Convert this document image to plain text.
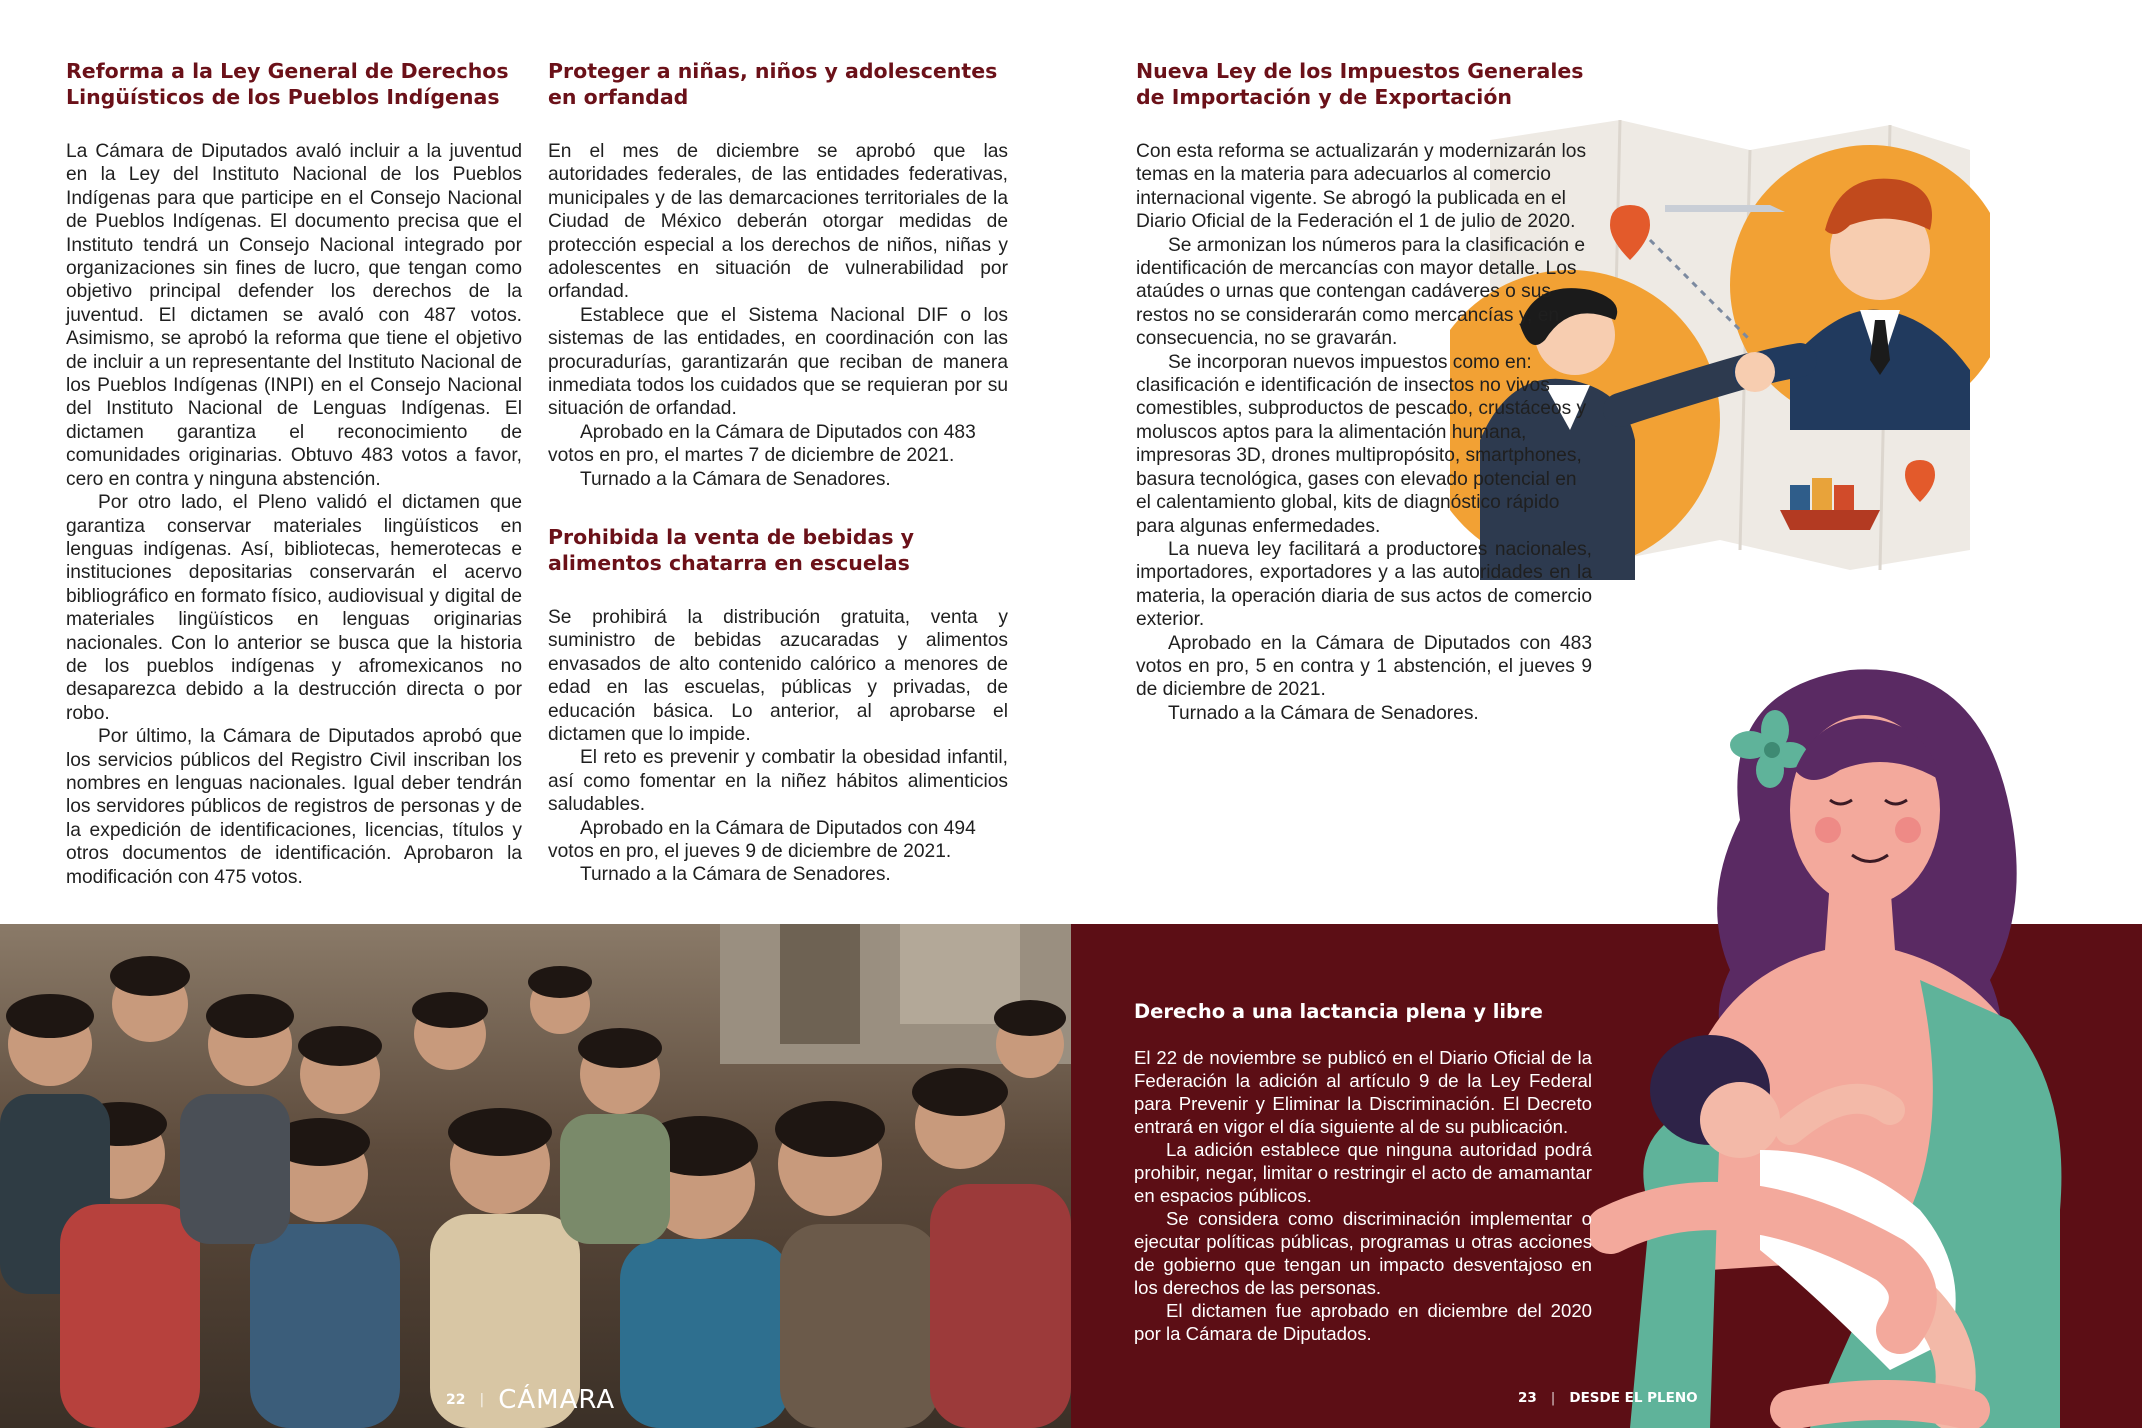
Reforma a la Ley General de Derechos Lingüísticos de los Pueblos Indígenas

La Cámara de Diputados avaló incluir a la juventud en la Ley del Instituto Nacional de los Pueblos Indígenas para que participe en el Consejo Nacional de Pueblos Indígenas. El documento precisa que el Instituto tendrá un Consejo Nacional integrado por organizaciones sin fines de lucro, que tengan como objetivo principal defender los derechos de la juventud. El dictamen se avaló con 487 votos. Asimismo, se aprobó la reforma que tiene el objetivo de incluir a un representante del Instituto Nacional de los Pueblos Indígenas (INPI) en el Consejo Nacional del Instituto Nacional de Lenguas Indígenas. El dictamen garantiza el reconocimiento de comunidades originarias. Obtuvo 483 votos a favor, cero en contra y ninguna abstención.

Por otro lado, el Pleno validó el dictamen que garantiza conservar materiales lingüísticos en lenguas indígenas. Así, bibliotecas, hemerotecas e instituciones depositarias conservarán el acervo bibliográfico en formato físico, audiovisual y digital de materiales lingüísticos en lenguas originarias nacionales. Con lo anterior se busca que la historia de los pueblos indígenas y afromexicanos no desaparezca debido a la destrucción directa o por robo.

Por último, la Cámara de Diputados aprobó que los servicios públicos del Registro Civil inscriban los nombres en lenguas nacionales. Igual deber tendrán los servidores públicos de registros de personas y de la expedición de identificaciones, licencias, títulos y otros documentos de identificación. Aprobaron la modificación con 475 votos.

Proteger a niñas, niños y adolescentes en orfandad

En el mes de diciembre se aprobó que las autoridades federales, de las entidades federativas, municipales y de las demarcaciones territoriales de la Ciudad de México deberán otorgar medidas de protección especial a los derechos de niños, niñas y adolescentes en situación de vulnerabilidad por orfandad.

Establece que el Sistema Nacional DIF o los sistemas de las entidades, en coordinación con las procuradurías, garantizarán que reciban de manera inmediata todos los cuidados que se requieran por su situación de orfandad.

Aprobado en la Cámara de Diputados con 483 votos en pro, el martes 7 de diciembre de 2021.

Turnado a la Cámara de Senadores.

Prohibida la venta de bebidas y alimentos chatarra en escuelas

Se prohibirá la distribución gratuita, venta y suministro de bebidas azucaradas y alimentos envasados de alto contenido calórico a menores de edad en las escuelas, públicas y privadas, de educación básica. Lo anterior, al aprobarse el dictamen que lo impide.

El reto es prevenir y combatir la obesidad infantil, así como fomentar en la niñez hábitos alimenticios saludables.

Aprobado en la Cámara de Diputados con 494 votos en pro, el jueves 9 de diciembre de 2021.

Turnado a la Cámara de Senadores.

Nueva Ley de los Impuestos Generales de Importación y de Exportación

Con esta reforma se actualizarán y modernizarán los temas en la materia para adecuarlos al comercio internacional vigente. Se abrogó la publicada en el Diario Oficial de la Federación el 1 de julio de 2020.

Se armonizan los números para la clasificación e identificación de mercancías con mayor detalle. Los ataúdes o urnas que contengan cadáveres o sus restos no se considerarán como mercancías y, en consecuencia, no se gravarán.

Se incorporan nuevos impuestos como en: clasificación e identificación de insectos no vivos comestibles, subproductos de pescado, crustáceos y moluscos aptos para la alimentación humana, impresoras 3D, drones multipropósito, smartphones, basura tecnológica, gases con elevado potencial en el calentamiento global, kits de diagnóstico rápido para algunas enfermedades.

La nueva ley facilitará a productores nacionales, importadores, exportadores y a las autoridades en la materia, la operación diaria de sus actos de comercio exterior.

Aprobado en la Cámara de Diputados con 483 votos en pro, 5 en contra y 1 abstención, el jueves 9 de diciembre de 2021.

Turnado a la Cámara de Senadores.

Derecho a una lactancia plena y libre

El 22 de noviembre se publicó en el Diario Oficial de la Federación la adición al artículo 9 de la Ley Federal para Prevenir y Eliminar la Discriminación. El Decreto entrará en vigor el día siguiente al de su publicación.

La adición establece que ninguna autoridad podrá prohibir, negar, limitar o restringir el acto de amamantar en espacios públicos.

Se considera como discriminación implementar o ejecutar políticas públicas, programas u otras acciones de gobierno que tengan un impacto desventajoso en los derechos de las personas.

El dictamen fue aprobado en diciembre del 2020 por la Cámara de Diputados.

22 | CÁMARA	23 | DESDE EL PLENO
